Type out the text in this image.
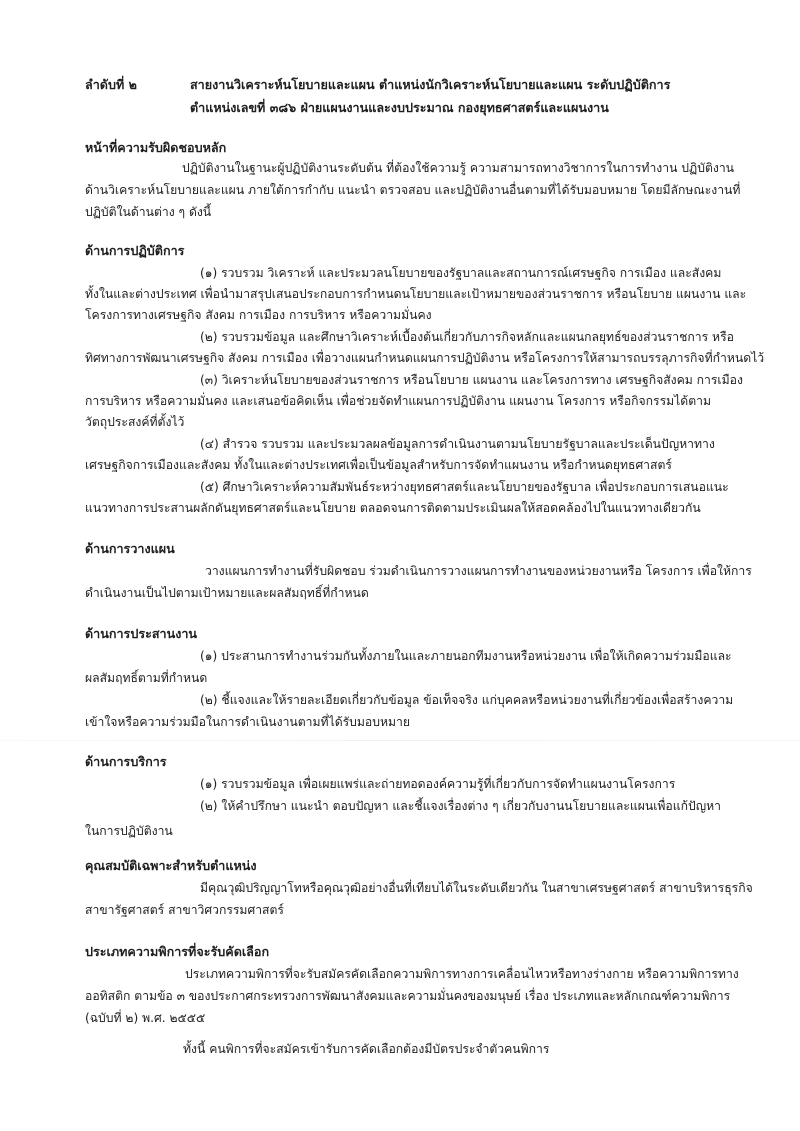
ลำดับที่ ๒	สายงานวิเคราะห์นโยบายและแผน ตำแหน่งนักวิเคราะห์นโยบายและแผน ระดับปฏิบัติการ
ตำแหน่งเลขที่ ๓๘๖ ฝ่ายแผนงานและงบประมาณ กองยุทธศาสตร์และแผนงาน
หน้าที่ความรับผิดชอบหลัก
ปฏิบัติงานในฐานะผู้ปฏิบัติงานระดับต้น ที่ต้องใช้ความรู้ ความสามารถทางวิชาการในการทำงาน ปฏิบัติงาน
ด้านวิเคราะห์นโยบายและแผน ภายใต้การกำกับ แนะนำ ตรวจสอบ และปฏิบัติงานอื่นตามที่ได้รับมอบหมาย โดยมีลักษณะงานที่
ปฏิบัติในด้านต่าง ๆ ดังนี้
ด้านการปฏิบัติการ
(๑) รวบรวม วิเคราะห์ และประมวลนโยบายของรัฐบาลและสถานการณ์เศรษฐกิจ การเมือง และสังคม
ทั้งในและต่างประเทศ เพื่อนำมาสรุปเสนอประกอบการกำหนดนโยบายและเป้าหมายของส่วนราชการ หรือนโยบาย แผนงาน และ
โครงการทางเศรษฐกิจ สังคม การเมือง การบริหาร หรือความมั่นคง
(๒) รวบรวมข้อมูล และศึกษาวิเคราะห์เบื้องต้นเกี่ยวกับภารกิจหลักและแผนกลยุทธ์ของส่วนราชการ หรือ
ทิศทางการพัฒนาเศรษฐกิจ สังคม การเมือง เพื่อวางแผนกำหนดแผนการปฏิบัติงาน หรือโครงการให้สามารถบรรลุภารกิจที่กำหนดไว้
(๓) วิเคราะห์นโยบายของส่วนราชการ หรือนโยบาย แผนงาน และโครงการทาง เศรษฐกิจสังคม การเมือง
การบริหาร หรือความมั่นคง และเสนอข้อคิดเห็น เพื่อช่วยจัดทำแผนการปฏิบัติงาน แผนงาน โครงการ หรือกิจกรรมได้ตาม
วัตถุประสงค์ที่ตั้งไว้
(๔) สำรวจ รวบรวม และประมวลผลข้อมูลการดำเนินงานตามนโยบายรัฐบาลและประเด็นปัญหาทาง
เศรษฐกิจการเมืองและสังคม ทั้งในและต่างประเทศเพื่อเป็นข้อมูลสำหรับการจัดทำแผนงาน หรือกำหนดยุทธศาสตร์
(๕) ศึกษาวิเคราะห์ความสัมพันธ์ระหว่างยุทธศาสตร์และนโยบายของรัฐบาล เพื่อประกอบการเสนอแนะ
แนวทางการประสานผลักดันยุทธศาสตร์และนโยบาย ตลอดจนการติดตามประเมินผลให้สอดคล้องไปในแนวทางเดียวกัน
ด้านการวางแผน
วางแผนการทำงานที่รับผิดชอบ ร่วมดำเนินการวางแผนการทำงานของหน่วยงานหรือ โครงการ เพื่อให้การ
ดำเนินงานเป็นไปตามเป้าหมายและผลสัมฤทธิ์ที่กำหนด
ด้านการประสานงาน
(๑) ประสานการทำงานร่วมกันทั้งภายในและภายนอกทีมงานหรือหน่วยงาน เพื่อให้เกิดความร่วมมือและ
ผลสัมฤทธิ์ตามที่กำหนด
(๒) ชี้แจงและให้รายละเอียดเกี่ยวกับข้อมูล ข้อเท็จจริง แก่บุคคลหรือหน่วยงานที่เกี่ยวข้องเพื่อสร้างความ
เข้าใจหรือความร่วมมือในการดำเนินงานตามที่ได้รับมอบหมาย
ด้านการบริการ
(๑) รวบรวมข้อมูล เพื่อเผยแพร่และถ่ายทอดองค์ความรู้ที่เกี่ยวกับการจัดทำแผนงานโครงการ
(๒) ให้คำปรึกษา แนะนำ ตอบปัญหา และชี้แจงเรื่องต่าง ๆ เกี่ยวกับงานนโยบายและแผนเพื่อแก้ปัญหา
ในการปฏิบัติงาน
คุณสมบัติเฉพาะสำหรับตำแหน่ง
มีคุณวุฒิปริญญาโทหรือคุณวุฒิอย่างอื่นที่เทียบได้ในระดับเดียวกัน ในสาขาเศรษฐศาสตร์ สาขาบริหารธุรกิจ
สาขารัฐศาสตร์ สาขาวิศวกรรมศาสตร์
ประเภทความพิการที่จะรับคัดเลือก
ประเภทความพิการที่จะรับสมัครคัดเลือกความพิการทางการเคลื่อนไหวหรือทางร่างกาย หรือความพิการทาง
ออทิสติก ตามข้อ ๓ ของประกาศกระทรวงการพัฒนาสังคมและความมั่นคงของมนุษย์ เรื่อง ประเภทและหลักเกณฑ์ความพิการ
(ฉบับที่ ๒) พ.ศ. ๒๕๕๕
ทั้งนี้ คนพิการที่จะสมัครเข้ารับการคัดเลือกต้องมีบัตรประจำตัวคนพิการ
